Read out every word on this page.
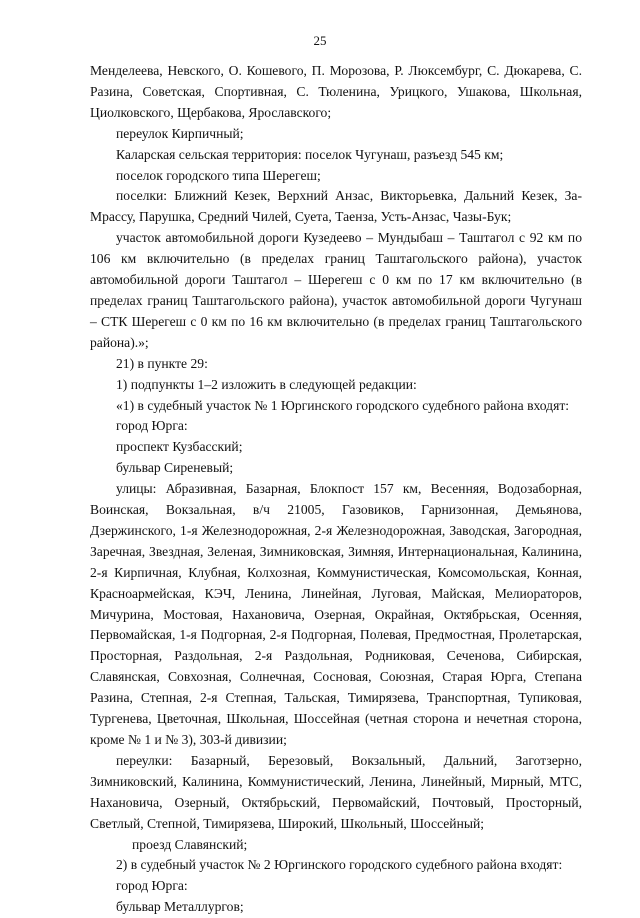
25

Менделеева, Невского, О. Кошевого, П. Морозова, Р. Люксембург, С. Дюкарева, С. Разина, Советская, Спортивная, С. Тюленина, Урицкого, Ушакова, Школьная, Циолковского, Щербакова, Ярославского;

переулок Кирпичный;

Каларская сельская территория: поселок Чугунаш, разъезд 545 км;

поселок городского типа Шерегеш;

поселки: Ближний Кезек, Верхний Анзас, Викторьевка, Дальний Кезек, За-Мрассу, Парушка, Средний Чилей, Суета, Таенза, Усть-Анзас, Чазы-Бук;

участок автомобильной дороги Кузедеево – Мундыбаш – Таштагол с 92 км по 106 км включительно (в пределах границ Таштагольского района), участок автомобильной дороги Таштагол – Шерегеш с 0 км по 17 км включительно (в пределах границ Таштагольского района), участок автомобильной дороги Чугунаш – СТК Шерегеш с 0 км по 16 км включительно (в пределах границ Таштагольского района).»;

21) в пункте 29:

1) подпункты 1–2 изложить в следующей редакции:

«1) в судебный участок № 1 Юргинского городского судебного района входят:

город Юрга:

проспект Кузбасский;

бульвар Сиреневый;

улицы: Абразивная, Базарная, Блокпост 157 км, Весенняя, Водозаборная, Воинская, Вокзальная, в/ч 21005, Газовиков, Гарнизонная, Демьянова, Дзержинского, 1-я Железнодорожная, 2-я Железнодорожная, Заводская, Загородная, Заречная, Звездная, Зеленая, Зимниковская, Зимняя, Интернациональная, Калинина, 2-я Кирпичная, Клубная, Колхозная, Коммунистическая, Комсомольская, Конная, Красноармейская, КЭЧ, Ленина, Линейная, Луговая, Майская, Мелиораторов, Мичурина, Мостовая, Нахановича, Озерная, Окрайная, Октябрьская, Осенняя, Первомайская, 1-я Подгорная, 2-я Подгорная, Полевая, Предмостная, Пролетарская, Просторная, Раздольная, 2-я Раздольная, Родниковая, Сеченова, Сибирская, Славянская, Совхозная, Солнечная, Сосновая, Союзная, Старая Юрга, Степана Разина, Степная, 2-я Степная, Тальская, Тимирязева, Транспортная, Тупиковая, Тургенева, Цветочная, Школьная, Шоссейная (четная сторона и нечетная сторона, кроме № 1 и № 3), 303-й дивизии;

переулки: Базарный, Березовый, Вокзальный, Дальний, Заготзерно, Зимниковский, Калинина, Коммунистический, Ленина, Линейный, Мирный, МТС, Нахановича, Озерный, Октябрьский, Первомайский, Почтовый, Просторный, Светлый, Степной, Тимирязева, Широкий, Школьный, Шоссейный;

проезд Славянский;

2) в судебный участок № 2 Юргинского городского судебного района входят:

город Юрга:

бульвар Металлургов;
